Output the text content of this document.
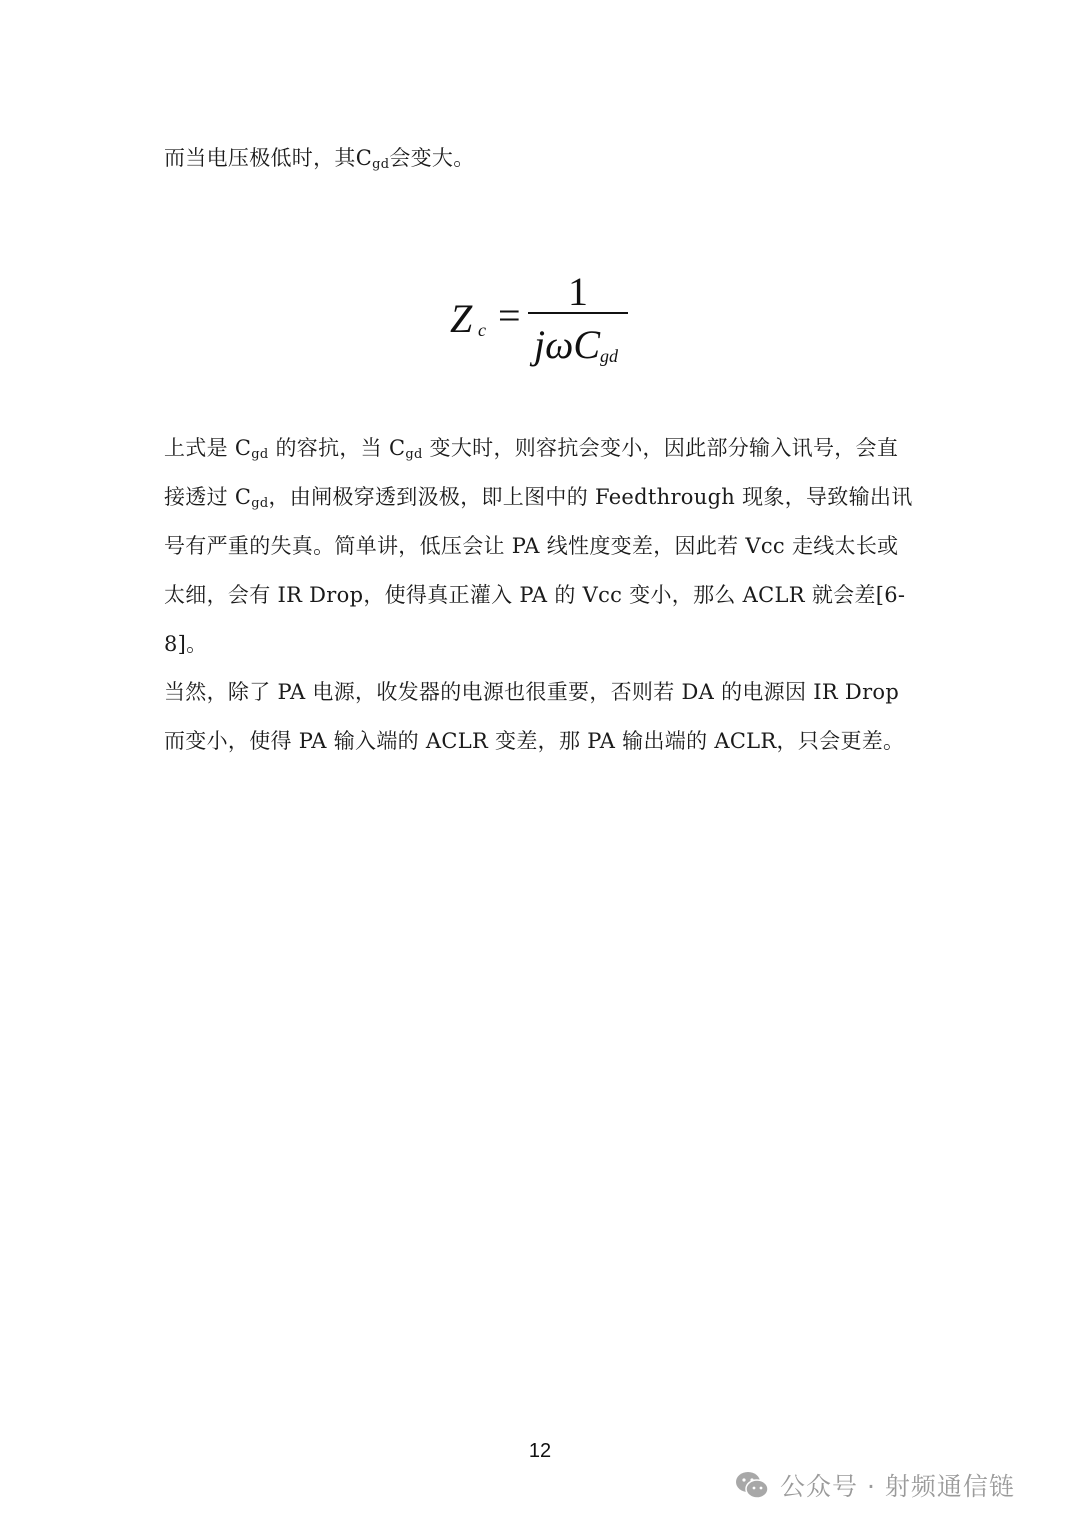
而当电压极低时，其$C_{gd}$会变大。

Z c =
1
jωC gd

上式是 $C_{gd}$ 的容抗，当 $C_{gd}$ 变大时，则容抗会变小，因此部分输入讯号，会直接透过 $C_{gd}$，由闸极穿透到汲极，即上图中的 Feedthrough 现象，导致输出讯号有严重的失真。简单讲，低压会让 PA 线性度变差，因此若 Vcc 走线太长或太细，会有 IR Drop，使得真正灌入 PA 的 Vcc 变小，那么 ACLR 就会差[6-8]。

当然，除了 PA 电源，收发器的电源也很重要，否则若 DA 的电源因 IR Drop 而变小，使得 PA 输入端的 ACLR 变差，那 PA 输出端的 ACLR，只会更差。

12
公众号 · 射频通信链
